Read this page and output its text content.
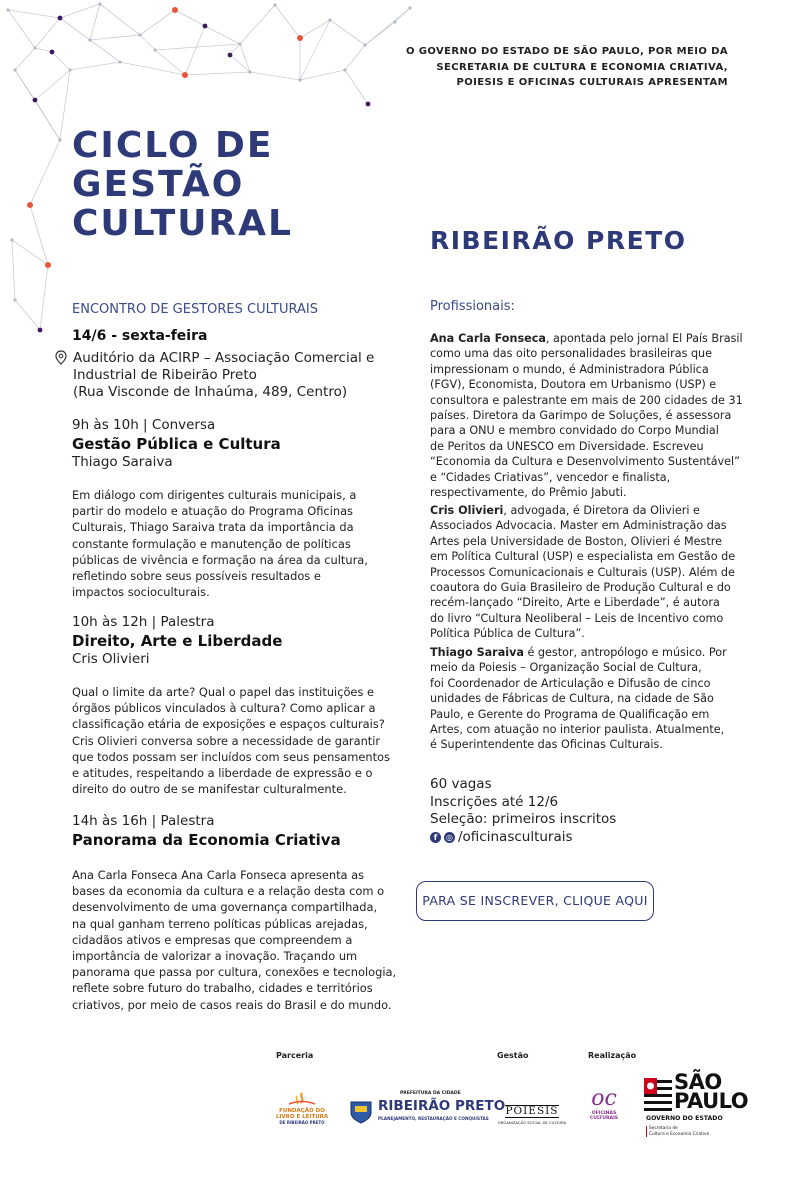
O GOVERNO DO ESTADO DE SÃO PAULO, POR MEIO DA
SECRETARIA DE CULTURA E ECONOMIA CRIATIVA,
POIESIS E OFICINAS CULTURAIS APRESENTAM
CICLO DE
GESTÃO
CULTURAL	RIBEIRÃO PRETO
ENCONTRO DE GESTORES CULTURAIS
14/6 - sexta-feira
Auditório da ACIRP – Associação Comercial e
Industrial de Ribeirão Preto
(Rua Visconde de Inhaúma, 489, Centro)
9h às 10h | Conversa
Gestão Pública e Cultura
Thiago Saraiva
Em diálogo com dirigentes culturais municipais, a
partir do modelo e atuação do Programa Oficinas
Culturais, Thiago Saraiva trata da importância da
constante formulação e manutenção de políticas
públicas de vivência e formação na área da cultura,
refletindo sobre seus possíveis resultados e
impactos socioculturais.
10h às 12h | Palestra
Direito, Arte e Liberdade
Cris Olivieri
Qual o limite da arte? Qual o papel das instituições e
órgãos públicos vinculados à cultura? Como aplicar a
classificação etária de exposições e espaços culturais?
Cris Olivieri conversa sobre a necessidade de garantir
que todos possam ser incluídos com seus pensamentos
e atitudes, respeitando a liberdade de expressão e o
direito do outro de se manifestar culturalmente.
14h às 16h | Palestra
Panorama da Economia Criativa
Ana Carla Fonseca Ana Carla Fonseca apresenta as
bases da economia da cultura e a relação desta com o
desenvolvimento de uma governança compartilhada,
na qual ganham terreno políticas públicas arejadas,
cidadãos ativos e empresas que compreendem a
importância de valorizar a inovação. Traçando um
panorama que passa por cultura, conexões e tecnologia,
reflete sobre futuro do trabalho, cidades e territórios
criativos, por meio de casos reais do Brasil e do mundo.
Profissionais:
Ana Carla Fonseca, apontada pelo jornal El País Brasil
como uma das oito personalidades brasileiras que
impressionam o mundo, é Administradora Pública
(FGV), Economista, Doutora em Urbanismo (USP) e
consultora e palestrante em mais de 200 cidades de 31
países. Diretora da Garimpo de Soluções, é assessora
para a ONU e membro convidado do Corpo Mundial
de Peritos da UNESCO em Diversidade. Escreveu
“Economia da Cultura e Desenvolvimento Sustentável”
e “Cidades Criativas”, vencedor e finalista,
respectivamente, do Prêmio Jabuti.
Cris Olivieri, advogada, é Diretora da Olivieri e
Associados Advocacia. Master em Administração das
Artes pela Universidade de Boston, Olivieri é Mestre
em Política Cultural (USP) e especialista em Gestão de
Processos Comunicacionais e Culturais (USP). Além de
coautora do Guia Brasileiro de Produção Cultural e do
recém-lançado “Direito, Arte e Liberdade”, é autora
do livro “Cultura Neoliberal – Leis de Incentivo como
Política Pública de Cultura”.
Thiago Saraiva é gestor, antropólogo e músico. Por
meio da Poiesis – Organização Social de Cultura,
foi Coordenador de Articulação e Difusão de cinco
unidades de Fábricas de Cultura, na cidade de São
Paulo, e Gerente do Programa de Qualificação em
Artes, com atuação no interior paulista. Atualmente,
é Superintendente das Oficinas Culturais.
60 vagas
Inscrições até 12/6
Seleção: primeiros inscritos
f	◎ /oficinasculturais
PARA SE INSCREVER, CLIQUE AQUI
Parceria	Gestão	Realização
FUNDAÇÃO DO
LIVRO E LEITURA
DE RIBEIRÃO PRETO
PREFEITURA DA CIDADE
RIBEIRÃO PRETO
PLANEJAMENTO, RESTAURAÇÃO E CONQUISTAS
POIESIS
ORGANIZAÇÃO SOCIAL DE CULTURA
oc
OFICINAS
CULTURAIS
SÃO
PAULO
GOVERNO DO ESTADO
Secretaria de
Cultura e Economia Criativa
